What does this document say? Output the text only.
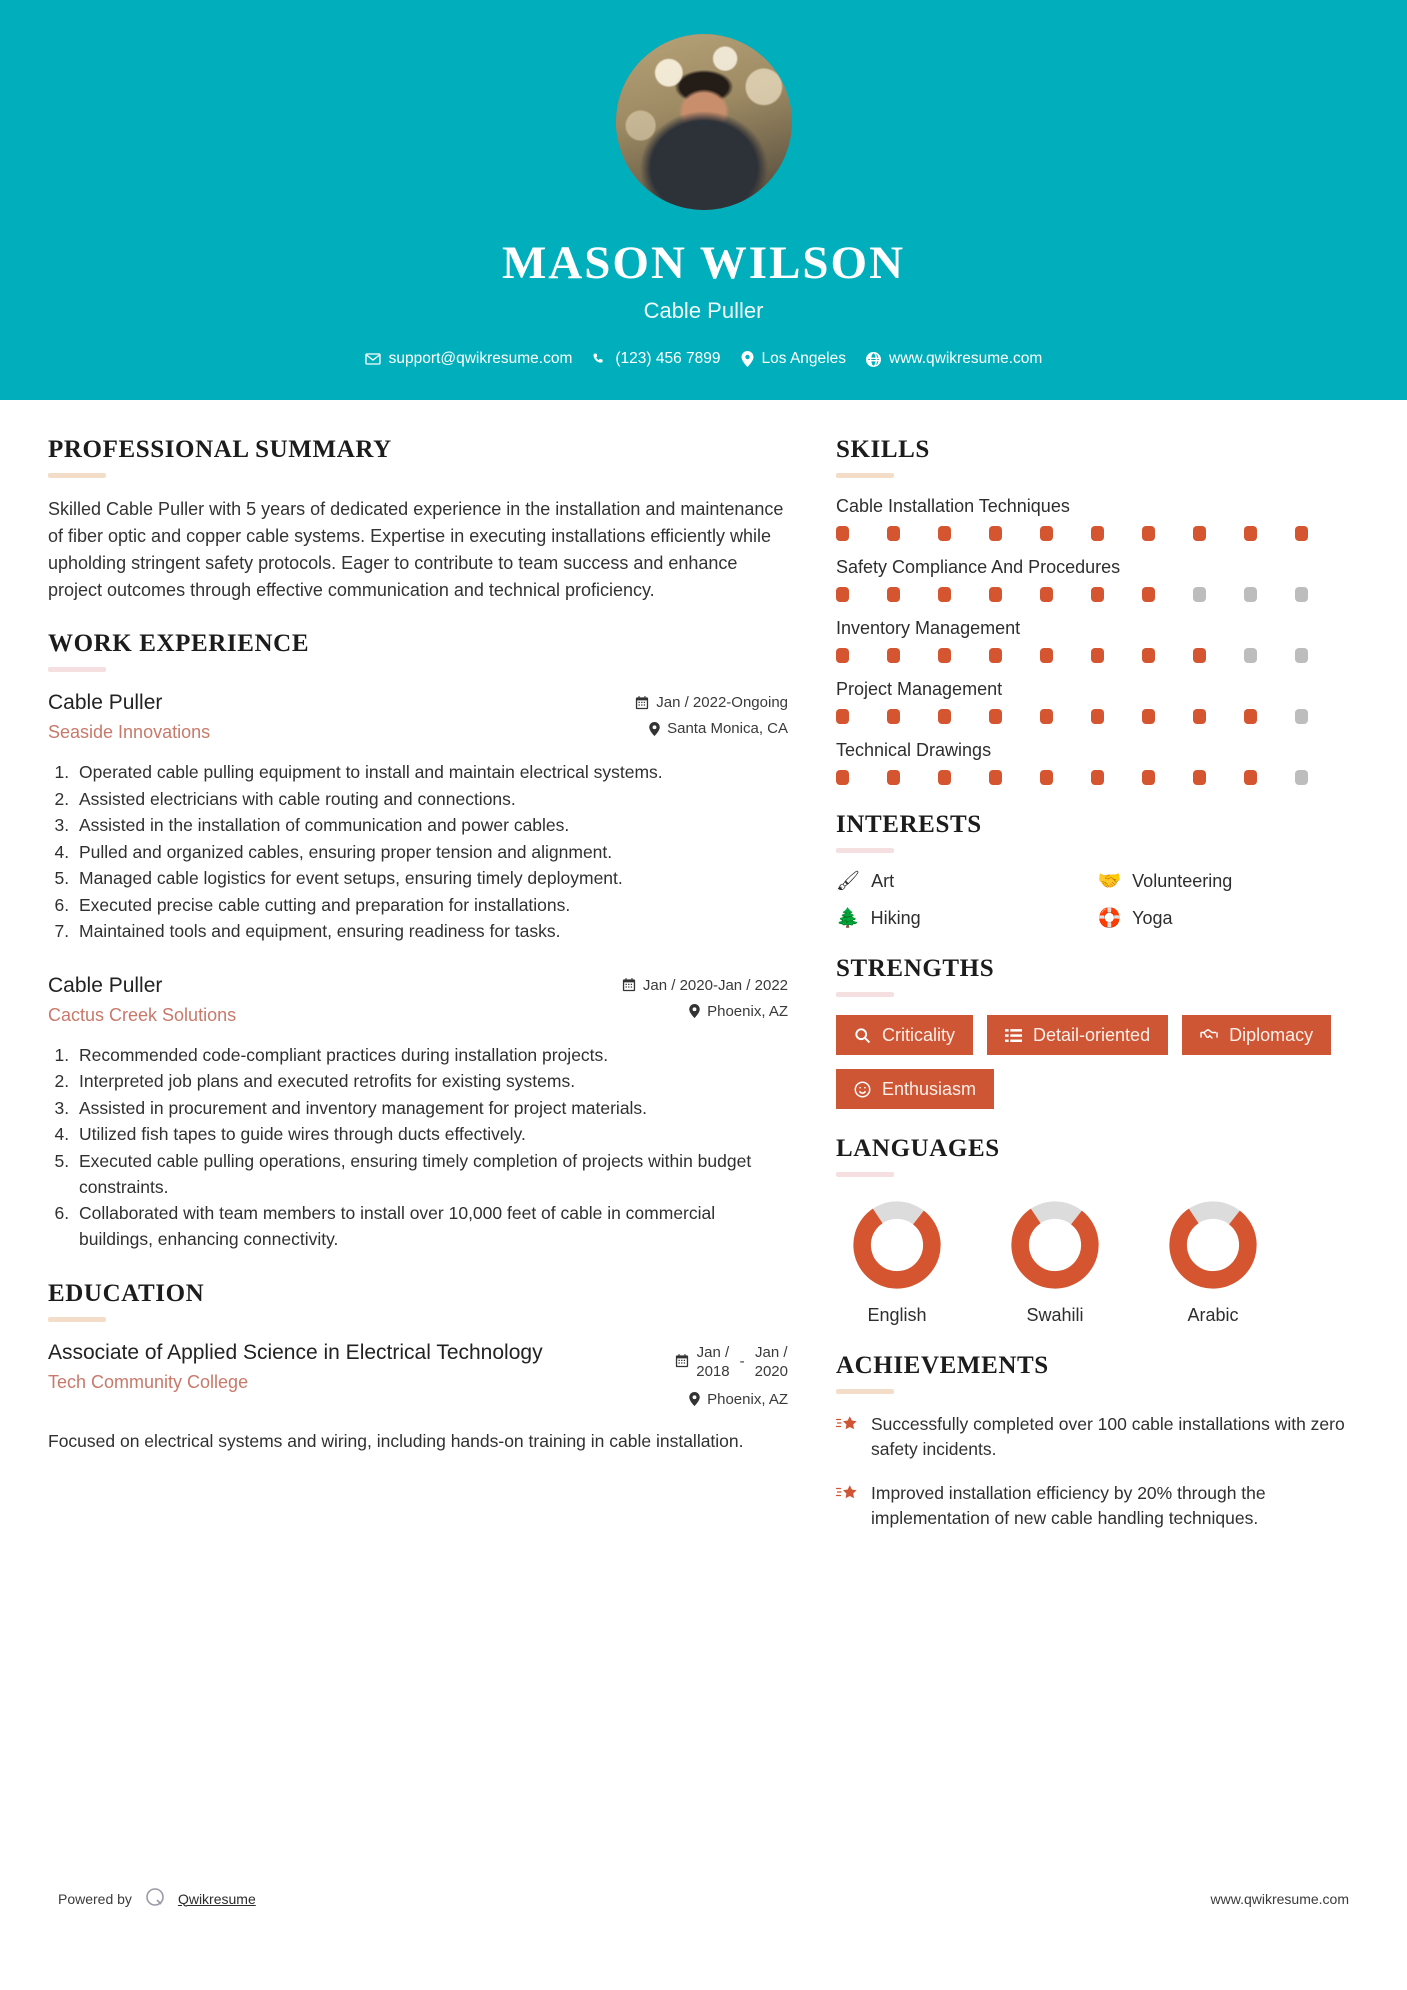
MASON WILSON
Cable Puller
support@qwikresume.com	(123) 456 7899	Los Angeles	www.qwikresume.com
PROFESSIONAL SUMMARY
Skilled Cable Puller with 5 years of dedicated experience in the installation and maintenance of fiber optic and copper cable systems. Expertise in executing installations efficiently while upholding stringent safety protocols. Eager to contribute to team success and enhance project outcomes through effective communication and technical proficiency.
WORK EXPERIENCE
Cable Puller
Seaside Innovations
Jan / 2022-Ongoing
Santa Monica, CA
1. Operated cable pulling equipment to install and maintain electrical systems.
2. Assisted electricians with cable routing and connections.
3. Assisted in the installation of communication and power cables.
4. Pulled and organized cables, ensuring proper tension and alignment.
5. Managed cable logistics for event setups, ensuring timely deployment.
6. Executed precise cable cutting and preparation for installations.
7. Maintained tools and equipment, ensuring readiness for tasks.
Cable Puller
Cactus Creek Solutions
Jan / 2020-Jan / 2022
Phoenix, AZ
1. Recommended code-compliant practices during installation projects.
2. Interpreted job plans and executed retrofits for existing systems.
3. Assisted in procurement and inventory management for project materials.
4. Utilized fish tapes to guide wires through ducts effectively.
5. Executed cable pulling operations, ensuring timely completion of projects within budget constraints.
6. Collaborated with team members to install over 10,000 feet of cable in commercial buildings, enhancing connectivity.
EDUCATION
Associate of Applied Science in Electrical Technology
Tech Community College
Jan /
2018
-
Jan /
2020
Phoenix, AZ
Focused on electrical systems and wiring, including hands-on training in cable installation.
SKILLS
Cable Installation Techniques
Safety Compliance And Procedures
Inventory Management
Project Management
Technical Drawings
INTERESTS
🖌 Art	🤝 Volunteering
🌲 Hiking	🛟 Yoga
STRENGTHS
Criticality	Detail-oriented	Diplomacy
Enthusiasm
LANGUAGES
English	Swahili	Arabic
ACHIEVEMENTS
Successfully completed over 100 cable installations with zero safety incidents.
Improved installation efficiency by 20% through the implementation of new cable handling techniques.
Powered by	Qwikresume	www.qwikresume.com
